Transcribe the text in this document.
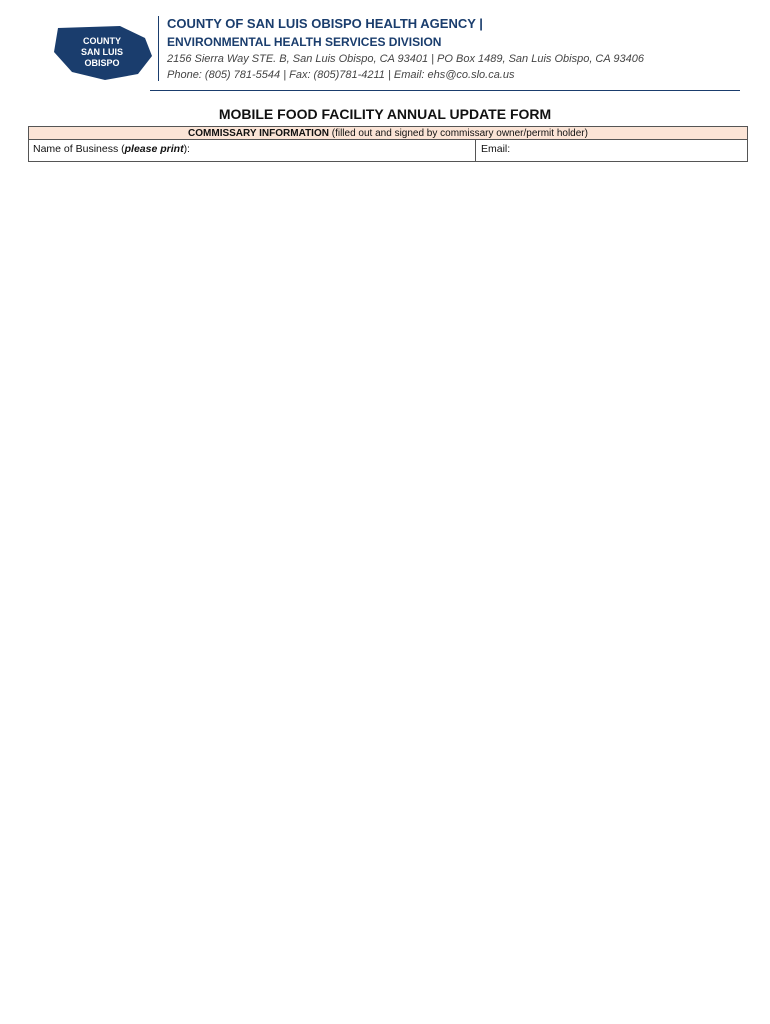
COUNTY
SAN LUIS
OBISPO
COUNTY OF SAN LUIS OBISPO HEALTH AGENCY |
ENVIRONMENTAL HEALTH SERVICES DIVISION
2156 Sierra Way STE. B, San Luis Obispo, CA 93401 | PO Box 1489, San Luis Obispo, CA 93406
Phone: (805) 781-5544 | Fax: (805)781-4211 | Email: ehs@co.slo.ca.us
MOBILE FOOD FACILITY ANNUAL UPDATE FORM
COMMISSARY INFORMATION (filled out and signed by commissary owner/permit holder)
Name of Business (please print):	Email:
